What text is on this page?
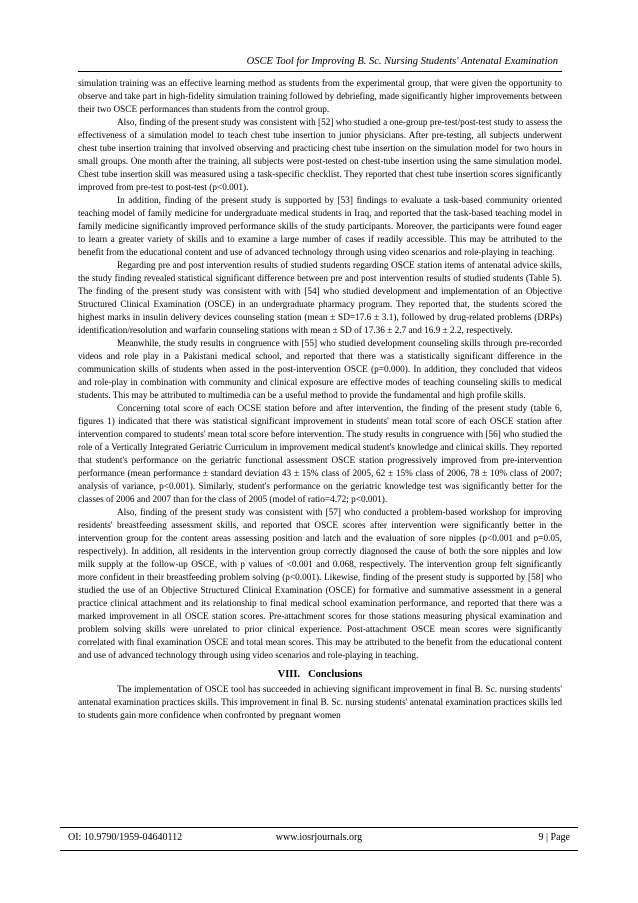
OSCE Tool for Improving B. Sc. Nursing Students' Antenatal Examination

simulation training was an effective learning method as students from the experimental group, that were given the opportunity to observe and take part in high-fidelity simulation training followed by debriefing, made significantly higher improvements between their two OSCE performances than students from the control group.

Also, finding of the present study was consistent with [52] who studied a one-group pre-test/post-test study to assess the effectiveness of a simulation model to teach chest tube insertion to junior physicians. After pre-testing, all subjects underwent chest tube insertion training that involved observing and practicing chest tube insertion on the simulation model for two hours in small groups. One month after the training, all subjects were post-tested on chest-tube insertion using the same simulation model. Chest tube insertion skill was measured using a task-specific checklist. They reported that chest tube insertion scores significantly improved from pre-test to post-test (p<0.001).

In addition, finding of the present study is supported by [53] findings to evaluate a task-based community oriented teaching model of family medicine for undergraduate medical students in Iraq, and reported that the task-based teaching model in family medicine significantly improved performance skills of the study participants. Moreover, the participants were found eager to learn a greater variety of skills and to examine a large number of cases if readily accessible. This may be attributed to the benefit from the educational content and use of advanced technology through using video scenarios and role-playing in teaching.

Regarding pre and post intervention results of studied students regarding OSCE station items of antenatal advice skills, the study finding revealed statistical significant difference between pre and post intervention results of studied students (Table 5). The finding of the present study was consistent with with [54] who studied development and implementation of an Objective Structured Clinical Examination (OSCE) in an undergraduate pharmacy program. They reported that, the students scored the highest marks in insulin delivery devices counseling station (mean ± SD=17.6 ± 3.1), followed by drug-related problems (DRPs) identification/resolution and warfarin counseling stations with mean ± SD of 17.36 ± 2.7 and 16.9 ± 2.2, respectively.

Meanwhile, the study results in congruence with [55] who studied development counseling skills through pre-recorded videos and role play in a Pakistani medical school, and reported that there was a statistically significant difference in the communication skills of students when assed in the post-intervention OSCE (p=0.000). In addition, they concluded that videos and role-play in combination with community and clinical exposure are effective modes of teaching counseling skills to medical students. This may be attributed to multimedia can be a useful method to provide the fundamental and high profile skills.

Concerning total score of each OCSE station before and after intervention, the finding of the present study (table 6, figures 1) indicated that there was statistical significant improvement in students' mean total score of each OSCE station after intervention compared to students' mean total score before intervention. The study results in congruence with [56] who studied the role of a Vertically Integrated Geriatric Curriculum in improvement medical student's knowledge and clinical skills. They reported that student's performance on the geriatric functional assessment OSCE station progressively improved from pre-intervention performance (mean performance ± standard deviation 43 ± 15% class of 2005, 62 ± 15% class of 2006, 78 ± 10% class of 2007; analysis of variance, p<0.001). Similarly, student's performance on the geriatric knowledge test was significantly better for the classes of 2006 and 2007 than for the class of 2005 (model of ratio=4.72; p<0.001).

Also, finding of the present study was consistent with [57] who conducted a problem-based workshop for improving residents' breastfeeding assessment skills, and reported that OSCE scores after intervention were significantly better in the intervention group for the content areas assessing position and latch and the evaluation of sore nipples (p<0.001 and p=0.05, respectively). In addition, all residents in the intervention group correctly diagnosed the cause of both the sore nipples and low milk supply at the follow-up OSCE, with p values of <0.001 and 0.068, respectively. The intervention group felt significantly more confident in their breastfeeding problem solving (p<0.001). Likewise, finding of the present study is supported by [58] who studied the use of an Objective Structured Clinical Examination (OSCE) for formative and summative assessment in a general practice clinical attachment and its relationship to final medical school examination performance, and reported that there was a marked improvement in all OSCE station scores. Pre-attachment scores for those stations measuring physical examination and problem solving skills were unrelated to prior clinical experience. Post-attachment OSCE mean scores were significantly correlated with final examination OSCE and total mean scores. This may be attributed to the benefit from the educational content and use of advanced technology through using video scenarios and role-playing in teaching.

VIII. Conclusions

The implementation of OSCE tool has succeeded in achieving significant improvement in final B. Sc. nursing students' antenatal examination practices skills. This improvement in final B. Sc. nursing students' antenatal examination practices skills led to students gain more confidence when confronted by pregnant women

OI: 10.9790/1959-04640112	www.iosrjournals.org	9 | Page
